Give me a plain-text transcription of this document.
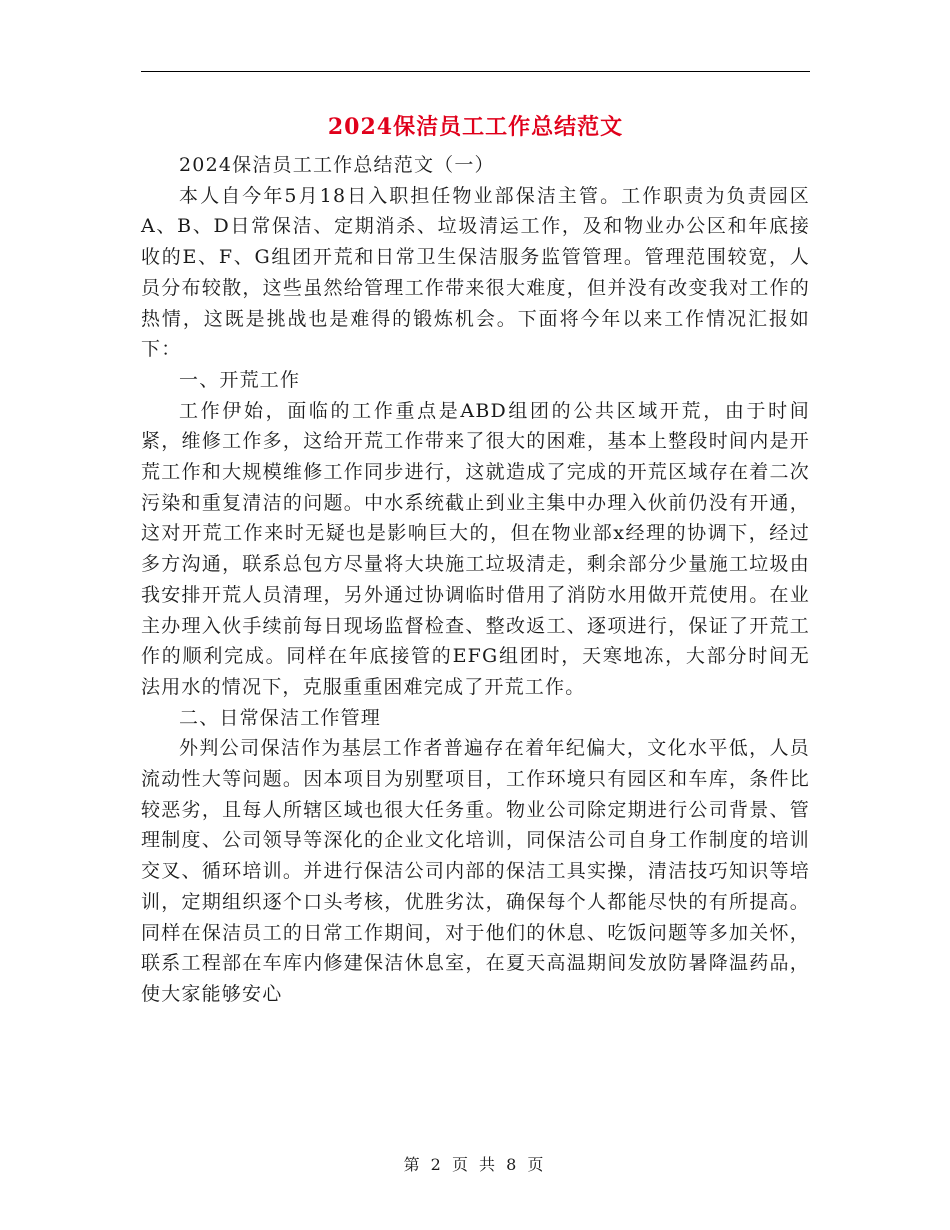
2024保洁员工工作总结范文

2024保洁员工工作总结范文（一）

本人自今年5月18日入职担任物业部保洁主管。工作职责为负责园区A、B、D日常保洁、定期消杀、垃圾清运工作，及和物业办公区和年底接收的E、F、G组团开荒和日常卫生保洁服务监管管理。管理范围较宽，人员分布较散，这些虽然给管理工作带来很大难度，但并没有改变我对工作的热情，这既是挑战也是难得的锻炼机会。下面将今年以来工作情况汇报如下：

一、开荒工作

工作伊始，面临的工作重点是ABD组团的公共区域开荒，由于时间紧，维修工作多，这给开荒工作带来了很大的困难，基本上整段时间内是开荒工作和大规模维修工作同步进行，这就造成了完成的开荒区域存在着二次污染和重复清洁的问题。中水系统截止到业主集中办理入伙前仍没有开通，这对开荒工作来时无疑也是影响巨大的，但在物业部x经理的协调下，经过多方沟通，联系总包方尽量将大块施工垃圾清走，剩余部分少量施工垃圾由我安排开荒人员清理，另外通过协调临时借用了消防水用做开荒使用。在业主办理入伙手续前每日现场监督检查、整改返工、逐项进行，保证了开荒工作的顺利完成。同样在年底接管的EFG组团时，天寒地冻，大部分时间无法用水的情况下，克服重重困难完成了开荒工作。

二、日常保洁工作管理

外判公司保洁作为基层工作者普遍存在着年纪偏大，文化水平低，人员流动性大等问题。因本项目为别墅项目，工作环境只有园区和车库，条件比较恶劣，且每人所辖区域也很大任务重。物业公司除定期进行公司背景、管理制度、公司领导等深化的企业文化培训，同保洁公司自身工作制度的培训交叉、循环培训。并进行保洁公司内部的保洁工具实操，清洁技巧知识等培训，定期组织逐个口头考核，优胜劣汰，确保每个人都能尽快的有所提高。同样在保洁员工的日常工作期间，对于他们的休息、吃饭问题等多加关怀，联系工程部在车库内修建保洁休息室，在夏天高温期间发放防暑降温药品，使大家能够安心

第 2 页 共 8 页
